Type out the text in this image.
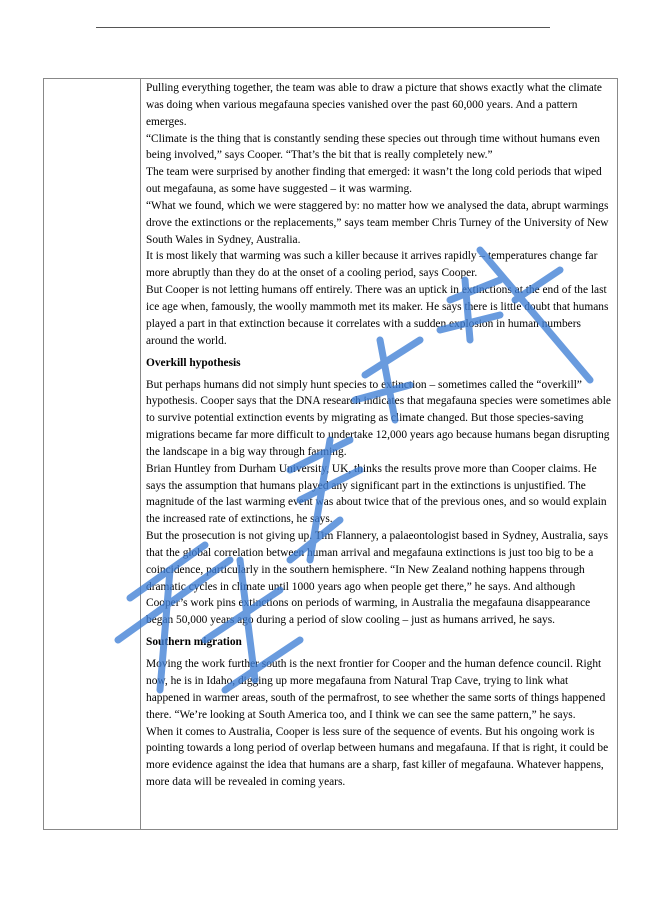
Pulling everything together, the team was able to draw a picture that shows exactly what the climate was doing when various megafauna species vanished over the past 60,000 years. And a pattern emerges.

“Climate is the thing that is constantly sending these species out through time without humans even being involved,” says Cooper. “That’s the bit that is really completely new.”

The team were surprised by another finding that emerged: it wasn’t the long cold periods that wiped out megafauna, as some have suggested – it was warming.

“What we found, which we were staggered by: no matter how we analysed the data, abrupt warmings drove the extinctions or the replacements,” says team member Chris Turney of the University of New South Wales in Sydney, Australia.

It is most likely that warming was such a killer because it arrives rapidly – temperatures change far more abruptly than they do at the onset of a cooling period, says Cooper.

But Cooper is not letting humans off entirely. There was an uptick in extinctions at the end of the last ice age when, famously, the woolly mammoth met its maker. He says there is little doubt that humans played a part in that extinction because it correlates with a sudden explosion in human numbers around the world.

Overkill hypothesis

But perhaps humans did not simply hunt species to extinction – sometimes called the “overkill” hypothesis. Cooper says that the DNA research indicates that megafauna species were sometimes able to survive potential extinction events by migrating as climate changed. But those species-saving migrations became far more difficult to undertake 12,000 years ago because humans began disrupting the landscape in a big way through farming.

Brian Huntley from Durham University, UK, thinks the results prove more than Cooper claims. He says the assumption that humans played any significant part in the extinctions is unjustified. The magnitude of the last warming event was about twice that of the previous ones, and so would explain the increased rate of extinctions, he says.

But the prosecution is not giving up. Tim Flannery, a palaeontologist based in Sydney, Australia, says that the global correlation between human arrival and megafauna extinctions is just too big to be a coincidence, particularly in the southern hemisphere. “In New Zealand nothing happens through dramatic cycles in climate until 1000 years ago when people get there,” he says. And although Cooper’s work pins extinctions on periods of warming, in Australia the megafauna disappearance began 50,000 years ago during a period of slow cooling – just as humans arrived, he says.

Southern migration

Moving the work further south is the next frontier for Cooper and the human defence council. Right now, he is in Idaho, digging up more megafauna from Natural Trap Cave, trying to link what happened in warmer areas, south of the permafrost, to see whether the same sorts of things happened there. “We’re looking at South America too, and I think we can see the same pattern,” he says.

When it comes to Australia, Cooper is less sure of the sequence of events. But his ongoing work is pointing towards a long period of overlap between humans and megafauna. If that is right, it could be more evidence against the idea that humans are a sharp, fast killer of megafauna. Whatever happens, more data will be revealed in coming years.
